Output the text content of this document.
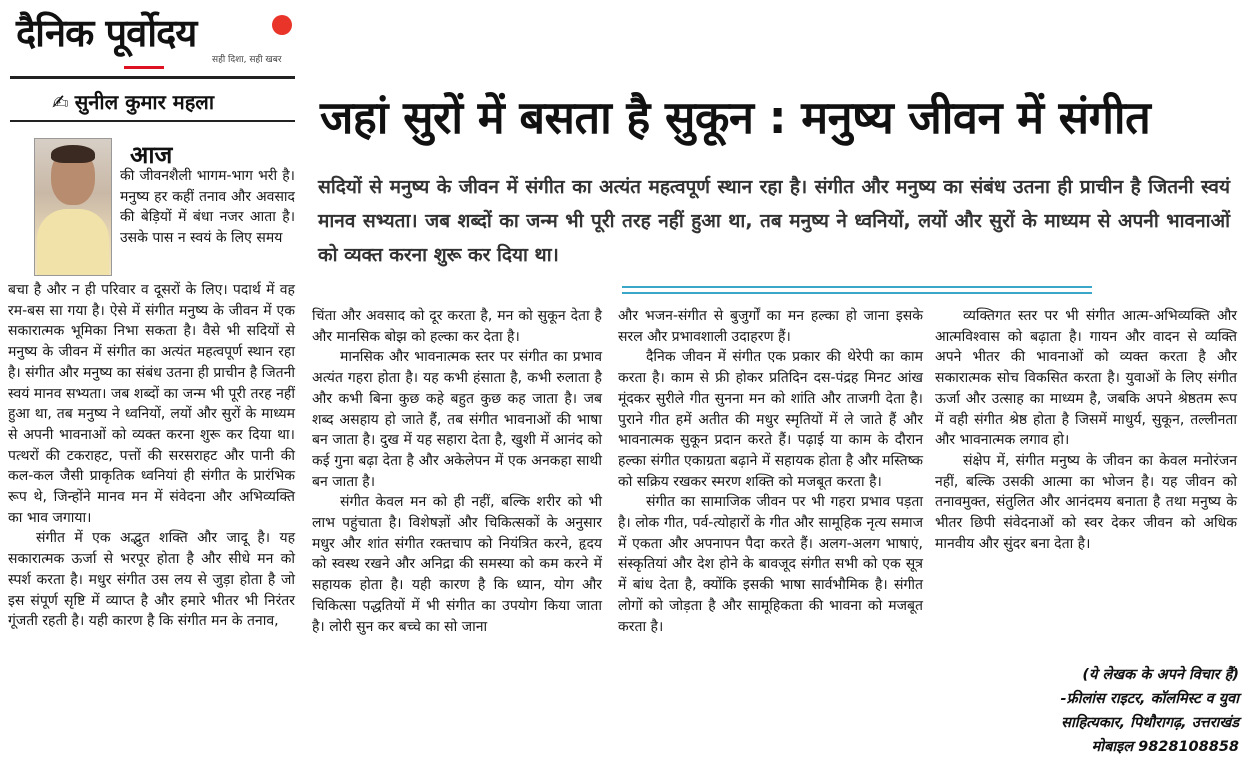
दैनिक पूर्वोदय
सही दिशा, सही खबर
✍ सुनील कुमार महला जहां सुरों में बसता है सुकून : मनुष्य जीवन में संगीत
सदियों से मनुष्य के जीवन में संगीत का अत्यंत महत्वपूर्ण स्थान रहा है। संगीत और मनुष्य का संबंध उतना ही प्राचीन है जितनी स्वयं मानव सभ्यता। जब शब्दों का जन्म भी पूरी तरह नहीं हुआ था, तब मनुष्य ने ध्वनियों, लयों और सुरों के माध्यम से अपनी भावनाओं को व्यक्त करना शुरू कर दिया था।
आज

की जीवनशैली भागम-भाग भरी है। मनुष्य हर कहीं तनाव और अवसाद की बेड़ियों में बंधा नजर आता है। उसके पास न स्वयं के लिए समय

बचा है और न ही परिवार व दूसरों के लिए। पदार्थ में वह रम-बस सा गया है। ऐसे में संगीत मनुष्य के जीवन में एक सकारात्मक भूमिका निभा सकता है। वैसे भी सदियों से मनुष्य के जीवन में संगीत का अत्यंत महत्वपूर्ण स्थान रहा है। संगीत और मनुष्य का संबंध उतना ही प्राचीन है जितनी स्वयं मानव सभ्यता। जब शब्दों का जन्म भी पूरी तरह नहीं हुआ था, तब मनुष्य ने ध्वनियों, लयों और सुरों के माध्यम से अपनी भावनाओं को व्यक्त करना शुरू कर दिया था। पत्थरों की टकराहट, पत्तों की सरसराहट और पानी की कल-कल जैसी प्राकृतिक ध्वनियां ही संगीत के प्रारंभिक रूप थे, जिन्होंने मानव मन में संवेदना और अभिव्यक्ति का भाव जगाया।

संगीत में एक अद्भुत शक्ति और जादू है। यह सकारात्मक ऊर्जा से भरपूर होता है और सीधे मन को स्पर्श करता है। मधुर संगीत उस लय से जुड़ा होता है जो इस संपूर्ण सृष्टि में व्याप्त है और हमारे भीतर भी निरंतर गूंजती रहती है। यही कारण है कि संगीत मन के तनाव,

चिंता और अवसाद को दूर करता है, मन को सुकून देता है और मानसिक बोझ को हल्का कर देता है।

मानसिक और भावनात्मक स्तर पर संगीत का प्रभाव अत्यंत गहरा होता है। यह कभी हंसाता है, कभी रुलाता है और कभी बिना कुछ कहे बहुत कुछ कह जाता है। जब शब्द असहाय हो जाते हैं, तब संगीत भावनाओं की भाषा बन जाता है। दुख में यह सहारा देता है, खुशी में आनंद को कई गुना बढ़ा देता है और अकेलेपन में एक अनकहा साथी बन जाता है।

संगीत केवल मन को ही नहीं, बल्कि शरीर को भी लाभ पहुंचाता है। विशेषज्ञों और चिकित्सकों के अनुसार मधुर और शांत संगीत रक्तचाप को नियंत्रित करने, हृदय को स्वस्थ रखने और अनिद्रा की समस्या को कम करने में सहायक होता है। यही कारण है कि ध्यान, योग और चिकित्सा पद्धतियों में भी संगीत का उपयोग किया जाता है। लोरी सुन कर बच्चे का सो जाना

और भजन-संगीत से बुजुर्गों का मन हल्का हो जाना इसके सरल और प्रभावशाली उदाहरण हैं।

दैनिक जीवन में संगीत एक प्रकार की थेरेपी का काम करता है। काम से फ्री होकर प्रतिदिन दस-पंद्रह मिनट आंख मूंदकर सुरीले गीत सुनना मन को शांति और ताजगी देता है। पुराने गीत हमें अतीत की मधुर स्मृतियों में ले जाते हैं और भावनात्मक सुकून प्रदान करते हैं। पढ़ाई या काम के दौरान हल्का संगीत एकाग्रता बढ़ाने में सहायक होता है और मस्तिष्क को सक्रिय रखकर स्मरण शक्ति को मजबूत करता है।

संगीत का सामाजिक जीवन पर भी गहरा प्रभाव पड़ता है। लोक गीत, पर्व-त्योहारों के गीत और सामूहिक नृत्य समाज में एकता और अपनापन पैदा करते हैं। अलग-अलग भाषाएं, संस्कृतियां और देश होने के बावजूद संगीत सभी को एक सूत्र में बांध देता है, क्योंकि इसकी भाषा सार्वभौमिक है। संगीत लोगों को जोड़ता है और सामूहिकता की भावना को मजबूत करता है।

व्यक्तिगत स्तर पर भी संगीत आत्म-अभिव्यक्ति और आत्मविश्वास को बढ़ाता है। गायन और वादन से व्यक्ति अपने भीतर की भावनाओं को व्यक्त करता है और सकारात्मक सोच विकसित करता है। युवाओं के लिए संगीत ऊर्जा और उत्साह का माध्यम है, जबकि अपने श्रेष्ठतम रूप में वही संगीत श्रेष्ठ होता है जिसमें माधुर्य, सुकून, तल्लीनता और भावनात्मक लगाव हो।

संक्षेप में, संगीत मनुष्य के जीवन का केवल मनोरंजन नहीं, बल्कि उसकी आत्मा का भोजन है। यह जीवन को तनावमुक्त, संतुलित और आनंदमय बनाता है तथा मनुष्य के भीतर छिपी संवेदनाओं को स्वर देकर जीवन को अधिक मानवीय और सुंदर बना देता है।

(ये लेखक के अपने विचार हैं)
-फ्रीलांस राइटर, कॉलमिस्ट व युवा
साहित्यकार, पिथौरागढ़, उत्तराखंड
मोबाइल 9828108858
